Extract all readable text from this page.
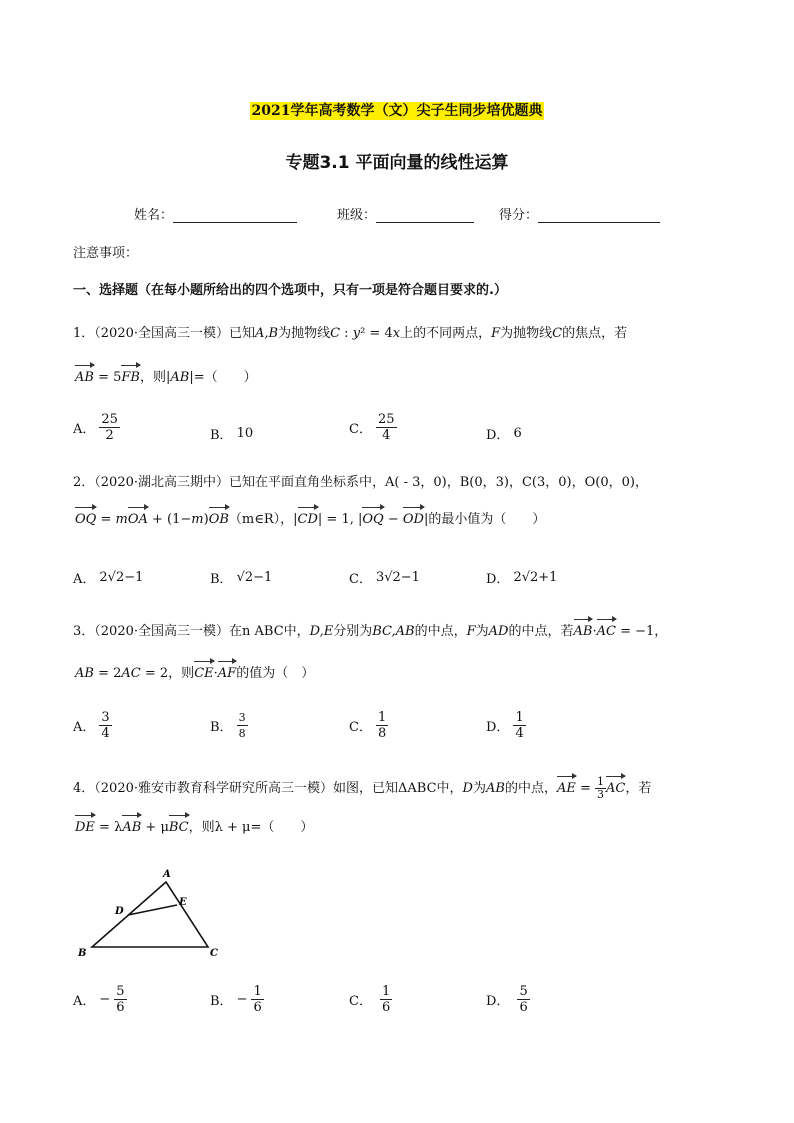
2021学年高考数学（文）尖子生同步培优题典
专题3.1 平面向量的线性运算
姓名：	班级：	得分：
注意事项：
一、选择题（在每小题所给出的四个选项中，只有一项是符合题目要求的.）
1．（2020·全国高三一模）已知A,B为抛物线C : y² = 4x上的不同两点，F为抛物线C的焦点，若
AB = 5FB，则|AB|=（　　）
A． $\frac{25}{2}$	B． 10	C． $\frac{25}{4}$	D． 6
2．（2020·湖北高三期中）已知在平面直角坐标系中，A( - 3，0)，B(0，3)，C(3，0)，O(0，0)，
OQ = mOA + (1−m)OB（m∈R），|CD| = 1, |OQ − OD|的最小值为（　　）
A． 2√2−1	B． √2−1	C． 3√2−1	D． 2√2+1
3．（2020·全国高三一模）在n ABC中，D,E分别为BC,AB的中点，F为AD的中点，若AB·AC = −1，
AB = 2AC = 2，则CE·AF的值为（　）
A． $\frac{3}{4}$	B． $\frac{3}{8}$	C． $\frac{1}{8}$	D． $\frac{1}{4}$
4．（2020·雅安市教育科学研究所高三一模）如图，已知ΔABC中，D为AB的中点，AE = $\frac{1}{3}$ AC，若
DE = λAB + μBC，则λ + μ=（　　）
A
B	C
D
E
A． − $\frac{5}{6}$	B． − $\frac{1}{6}$	C． $\frac{1}{6}$	D． $\frac{5}{6}$
